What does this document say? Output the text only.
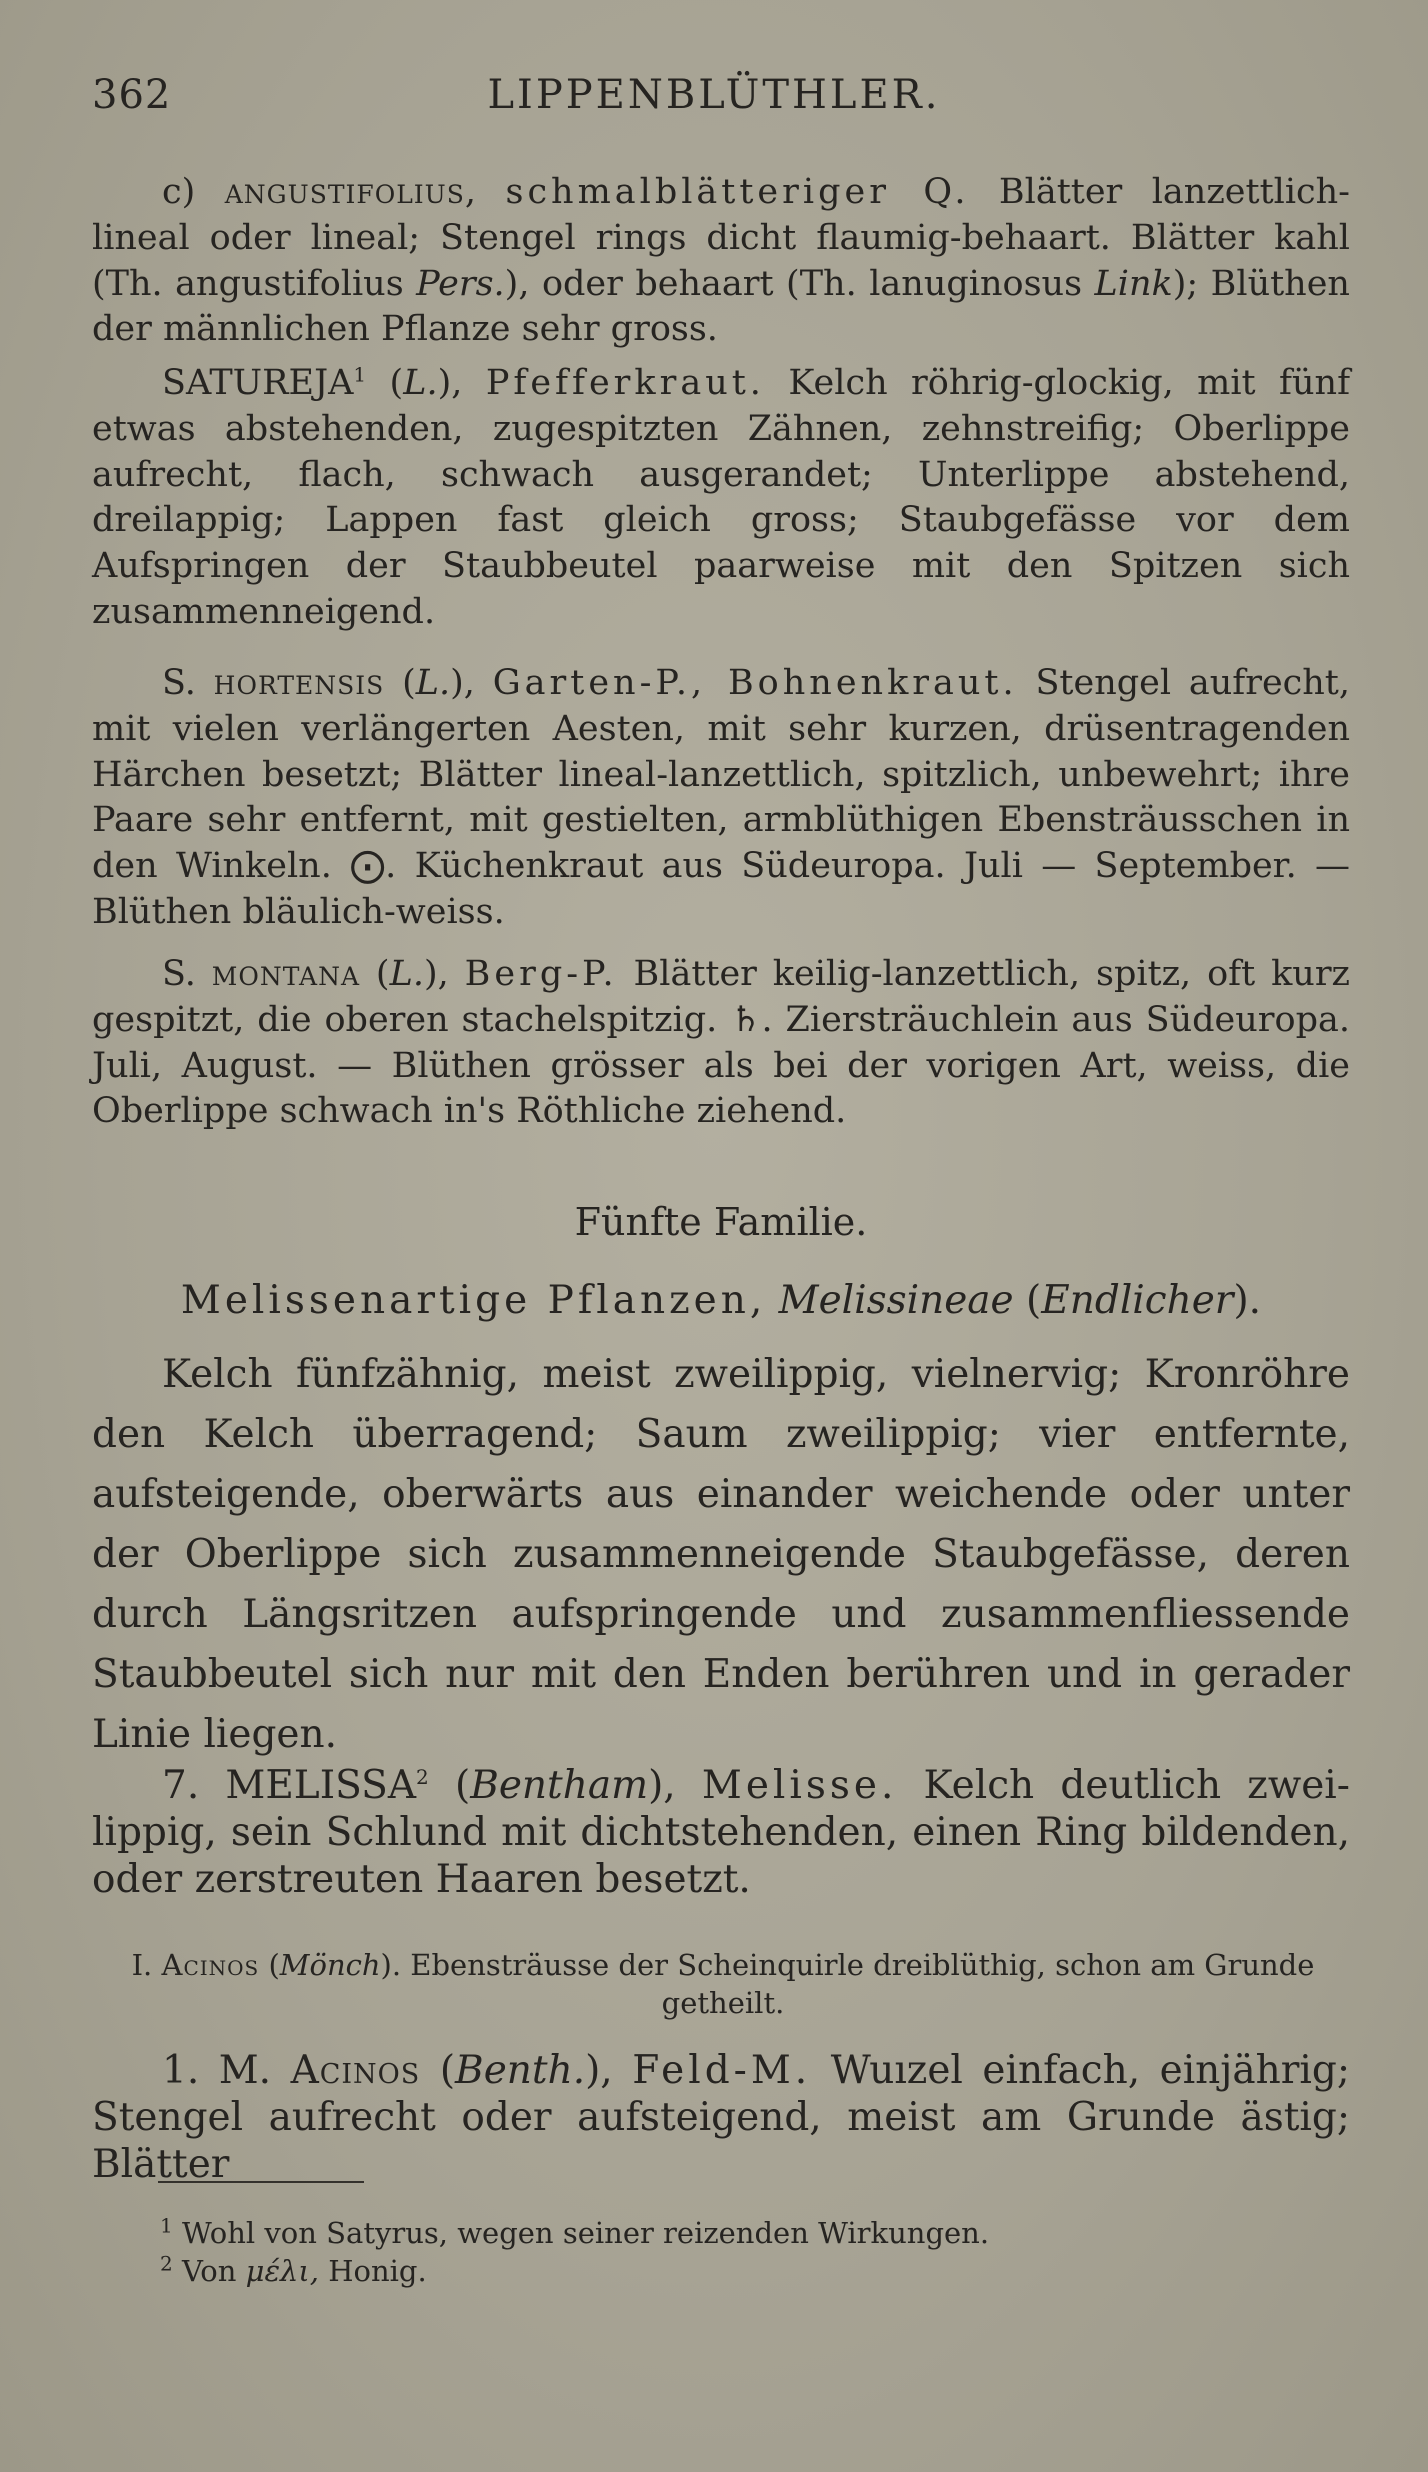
362	LIPPENBLÜTHLER.

c) angustifolius, schmalblätteriger Q. Blätter lanzettlich-lineal oder lineal; Stengel rings dicht flaumig-behaart. Blätter kahl (Th. angustifolius Pers.), oder behaart (Th. lanuginosus Link); Blüthen der männlichen Pflanze sehr gross.

SATUREJA$^1$ (L.), Pfefferkraut. Kelch röhrig-glockig, mit fünf etwas abstehenden, zugespitzten Zähnen, zehnstreifig; Oberlippe aufrecht, flach, schwach ausgerandet; Unterlippe abstehend, dreilappig; Lappen fast gleich gross; Staubgefässe vor dem Aufspringen der Staubbeutel paarweise mit den Spitzen sich zusammenneigend.

S. hortensis (L.), Garten-P., Bohnenkraut. Stengel aufrecht, mit vielen verlängerten Aesten, mit sehr kurzen, drüsentragenden Härchen besetzt; Blätter lineal-lanzettlich, spitzlich, unbewehrt; ihre Paare sehr entfernt, mit gestielten, armblüthigen Ebensträusschen in den Winkeln. ⨀. Küchenkraut aus Südeuropa. Juli — September. — Blüthen bläulich-weiss.

S. montana (L.), Berg-P. Blätter keilig-lanzettlich, spitz, oft kurz gespitzt, die oberen stachelspitzig. ♄. Ziersträuchlein aus Südeuropa. Juli, August. — Blüthen grösser als bei der vorigen Art, weiss, die Oberlippe schwach in's Röthliche ziehend.

Fünfte Familie.
Melissenartige Pflanzen, Melissineae (Endlicher).

Kelch fünfzähnig, meist zweilippig, vielnervig; Kronröhre den Kelch überragend; Saum zweilippig; vier entfernte, aufsteigende, oberwärts aus einander weichende oder unter der Oberlippe sich zusammenneigende Staubgefässe, deren durch Längsritzen aufspringende und zusammenfliessende Staubbeutel sich nur mit den Enden berühren und in gerader Linie liegen.

7. MELISSA$^2$ (Bentham), Melisse. Kelch deutlich zweilippig, sein Schlund mit dichtstehenden, einen Ring bildenden, oder zerstreuten Haaren besetzt.

I. Acinos (Mönch). Ebensträusse der Scheinquirle dreiblüthig, schon am Grunde getheilt.

1. M. Acinos (Benth.), Feld-M. Wuızel einfach, einjährig; Stengel aufrecht oder aufsteigend, meist am Grunde ästig; Blätter

$^1$ Wohl von Satyrus, wegen seiner reizenden Wirkungen.
$^2$ Von μέλι, Honig.
